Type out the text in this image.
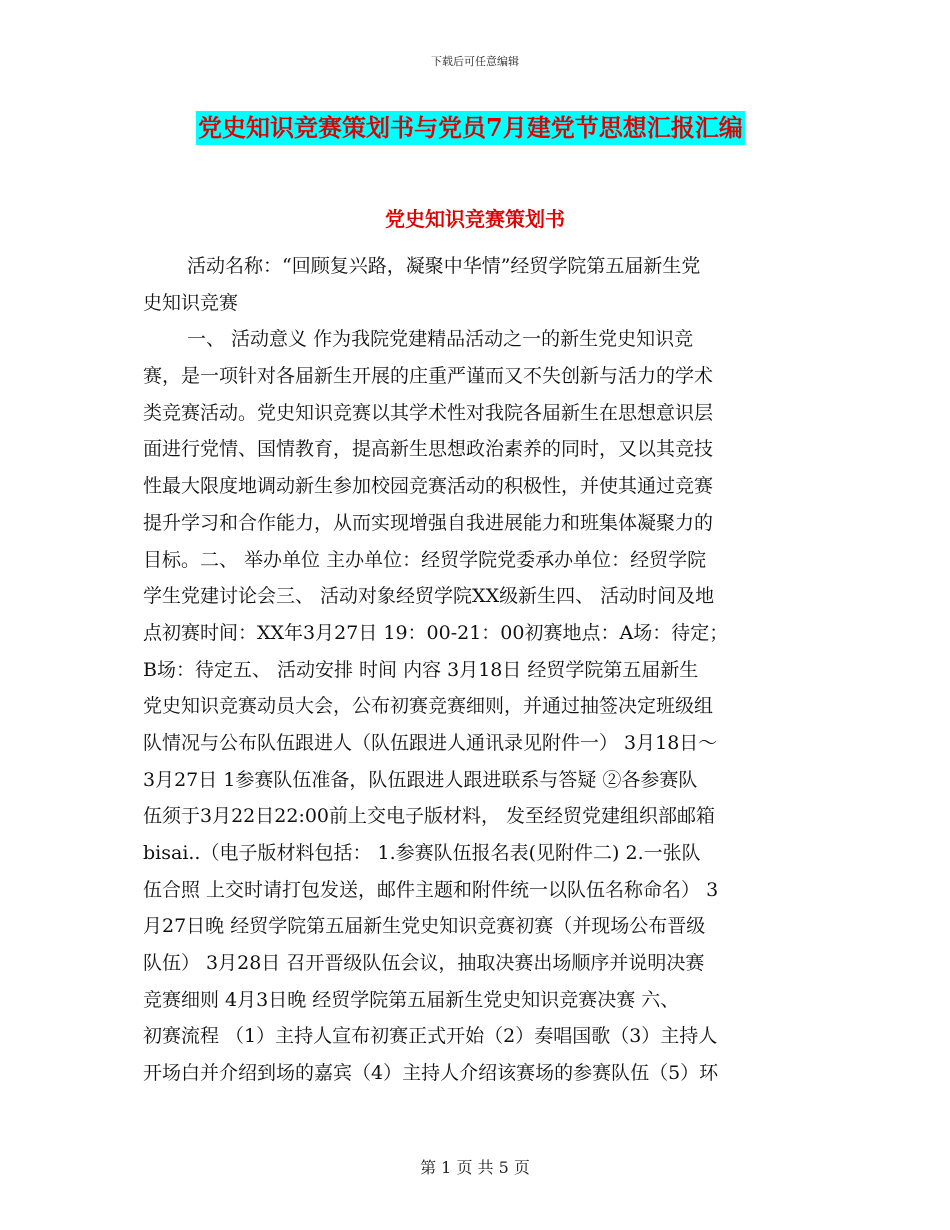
下载后可任意编辑
党史知识竞赛策划书与党员7月建党节思想汇报汇编
党史知识竞赛策划书
活动名称：“回顾复兴路，凝聚中华情”经贸学院第五届新生党
史知识竞赛
一、 活动意义 作为我院党建精品活动之一的新生党史知识竞
赛，是一项针对各届新生开展的庄重严谨而又不失创新与活力的学术
类竞赛活动。党史知识竞赛以其学术性对我院各届新生在思想意识层
面进行党情、国情教育，提高新生思想政治素养的同时，又以其竞技
性最大限度地调动新生参加校园竞赛活动的积极性，并使其通过竞赛
提升学习和合作能力，从而实现增强自我进展能力和班集体凝聚力的
目标。二、 举办单位 主办单位：经贸学院党委承办单位：经贸学院
学生党建讨论会三、 活动对象经贸学院XX级新生四、 活动时间及地
点初赛时间：XX年3月27日 19：00-21：00初赛地点：A场：待定；
B场：待定五、 活动安排 时间 内容 3月18日 经贸学院第五届新生
党史知识竞赛动员大会，公布初赛竞赛细则，并通过抽签决定班级组
队情况与公布队伍跟进人（队伍跟进人通讯录见附件一） 3月18日～
3月27日 1参赛队伍准备，队伍跟进人跟进联系与答疑 ②各参赛队
伍须于3月22日22:00前上交电子版材料， 发至经贸党建组织部邮箱
bisai..（电子版材料包括： 1.参赛队伍报名表(见附件二) 2.一张队
伍合照 上交时请打包发送，邮件主题和附件统一以队伍名称命名） 3
月27日晚 经贸学院第五届新生党史知识竞赛初赛（并现场公布晋级
队伍） 3月28日 召开晋级队伍会议，抽取决赛出场顺序并说明决赛
竞赛细则 4月3日晚 经贸学院第五届新生党史知识竞赛决赛 六、
初赛流程 （1）主持人宣布初赛正式开始（2）奏唱国歌（3）主持人
开场白并介绍到场的嘉宾（4）主持人介绍该赛场的参赛队伍（5）环
第 1 页 共 5 页
